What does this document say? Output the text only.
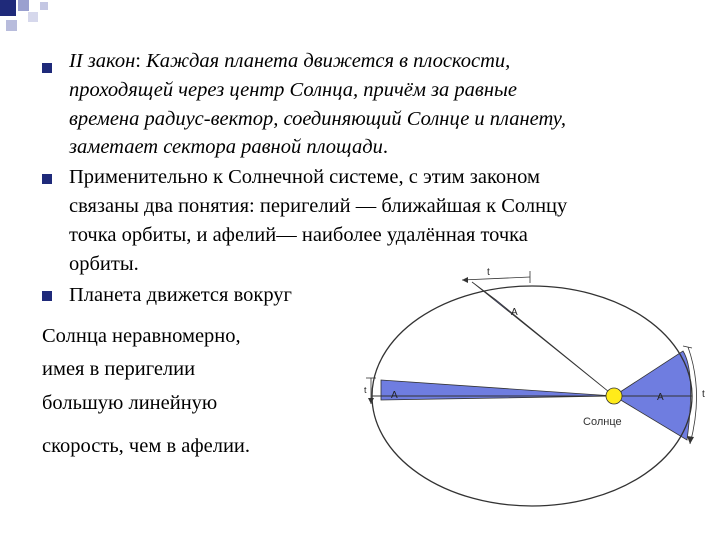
II закон: Каждая планета движется в плоскости,
проходящей через центр Солнца, причём за равные
времена радиус-вектор, соединяющий Солнце и планету,
заметает сектора равной площади.
Применительно к Солнечной системе, с этим законом
связаны два понятия: перигелий — ближайшая к Солнцу
точка орбиты, и афелий— наиболее удалённая точка
орбиты.
Планета движется вокруг
Солнца неравномерно,
имея в перигелии
большую линейную
скорость, чем в афелии.
Солнце
A
A	A
t
t	t
